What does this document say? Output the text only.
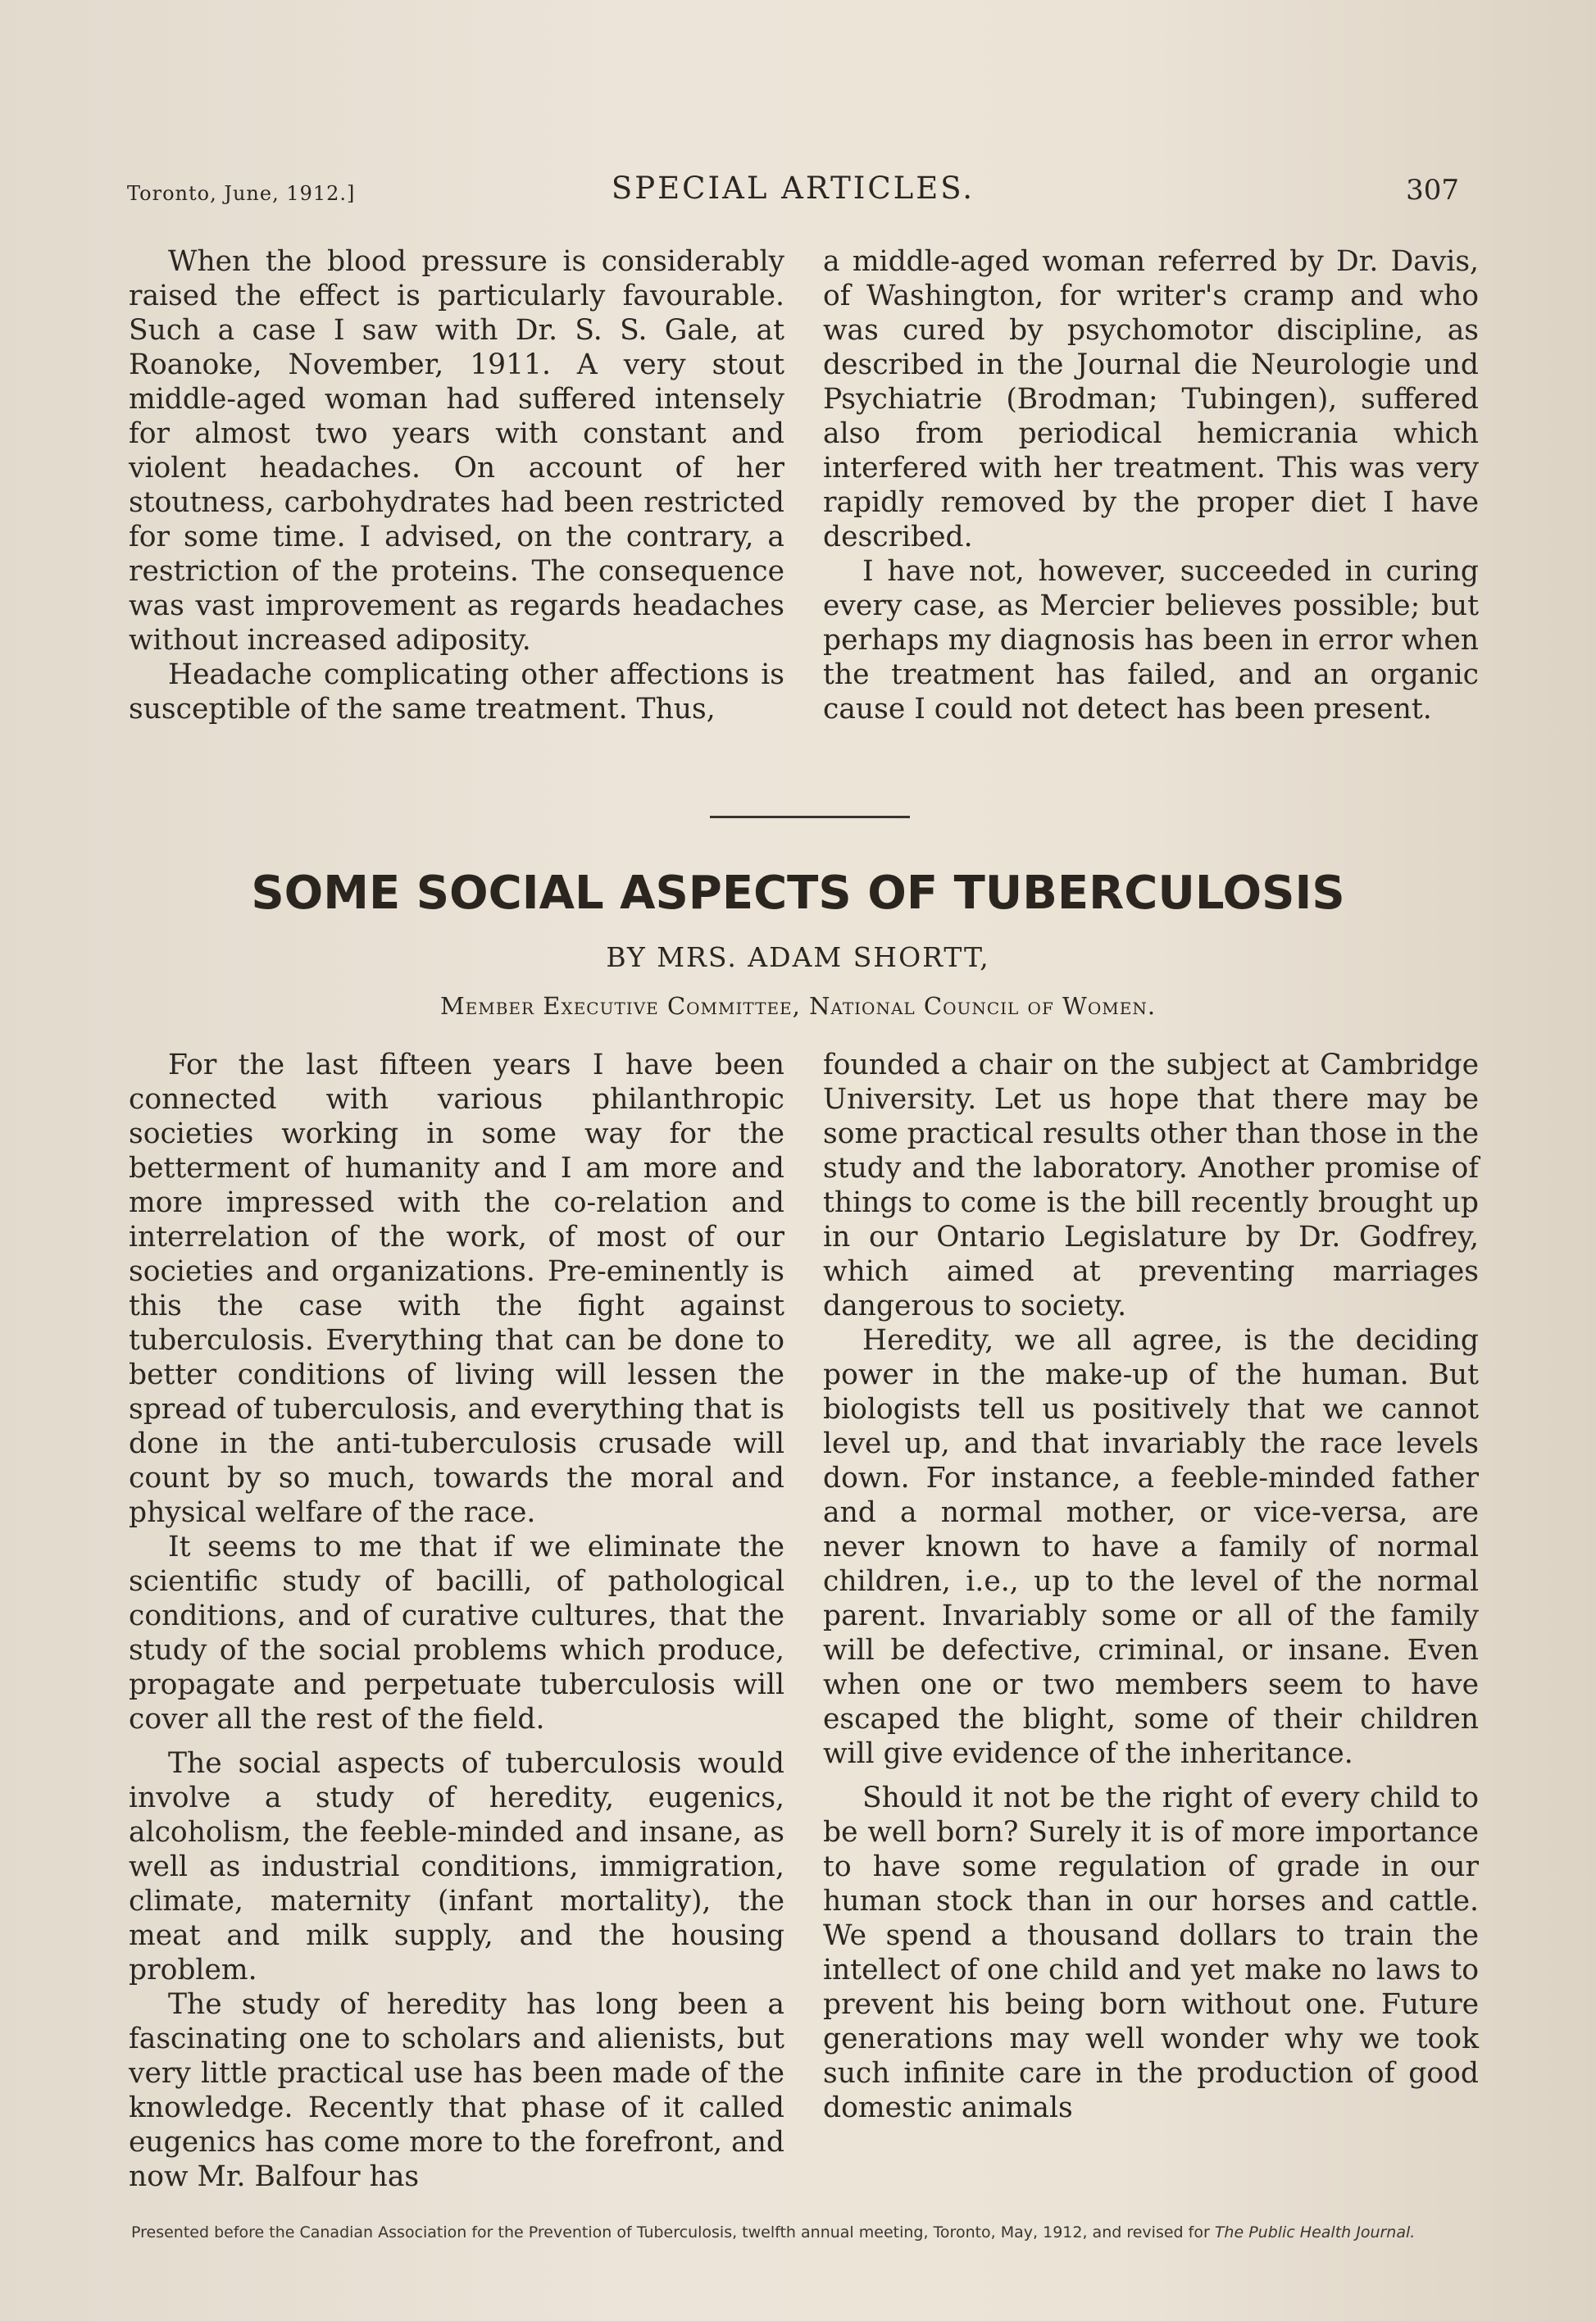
Toronto, June, 1912.]	SPECIAL ARTICLES.	307

When the blood pressure is considerably raised the effect is particularly favourable. Such a case I saw with Dr. S. S. Gale, at Roanoke, November, 1911. A very stout middle-aged woman had suffered intensely for almost two years with constant and violent headaches. On account of her stoutness, carbohydrates had been restricted for some time. I advised, on the contrary, a restriction of the proteins. The consequence was vast improvement as regards headaches without increased adiposity.

Headache complicating other affections is susceptible of the same treatment. Thus,

a middle-aged woman referred by Dr. Davis, of Washington, for writer's cramp and who was cured by psychomotor discipline, as described in the Journal die Neurologie und Psychiatrie (Brodman; Tubingen), suffered also from periodical hemicrania which interfered with her treatment. This was very rapidly removed by the proper diet I have described.

I have not, however, succeeded in curing every case, as Mercier believes possible; but perhaps my diagnosis has been in error when the treatment has failed, and an organic cause I could not detect has been present.

SOME SOCIAL ASPECTS OF TUBERCULOSIS
BY MRS. ADAM SHORTT,
Member Executive Committee, National Council of Women.

For the last fifteen years I have been connected with various philanthropic societies working in some way for the betterment of humanity and I am more and more impressed with the co-relation and interrelation of the work, of most of our societies and organizations. Pre-eminently is this the case with the fight against tuberculosis. Everything that can be done to better conditions of living will lessen the spread of tuberculosis, and everything that is done in the anti-tuberculosis crusade will count by so much, towards the moral and physical welfare of the race.

It seems to me that if we eliminate the scientific study of bacilli, of pathological conditions, and of curative cultures, that the study of the social problems which produce, propagate and perpetuate tuberculosis will cover all the rest of the field.

The social aspects of tuberculosis would involve a study of heredity, eugenics, alcoholism, the feeble-minded and insane, as well as industrial conditions, immigration, climate, maternity (infant mortality), the meat and milk supply, and the housing problem.

The study of heredity has long been a fascinating one to scholars and alienists, but very little practical use has been made of the knowledge. Recently that phase of it called eugenics has come more to the forefront, and now Mr. Balfour has

founded a chair on the subject at Cambridge University. Let us hope that there may be some practical results other than those in the study and the laboratory. Another promise of things to come is the bill recently brought up in our Ontario Legislature by Dr. Godfrey, which aimed at preventing marriages dangerous to society.

Heredity, we all agree, is the deciding power in the make-up of the human. But biologists tell us positively that we cannot level up, and that invariably the race levels down. For instance, a feeble-minded father and a normal mother, or vice-versa, are never known to have a family of normal children, i.e., up to the level of the normal parent. Invariably some or all of the family will be defective, criminal, or insane. Even when one or two members seem to have escaped the blight, some of their children will give evidence of the inheritance.

Should it not be the right of every child to be well born? Surely it is of more importance to have some regulation of grade in our human stock than in our horses and cattle. We spend a thousand dollars to train the intellect of one child and yet make no laws to prevent his being born without one. Future generations may well wonder why we took such infinite care in the production of good domestic animals

Presented before the Canadian Association for the Prevention of Tuberculosis, twelfth annual meeting, Toronto, May, 1912, and revised for The Public Health Journal.
